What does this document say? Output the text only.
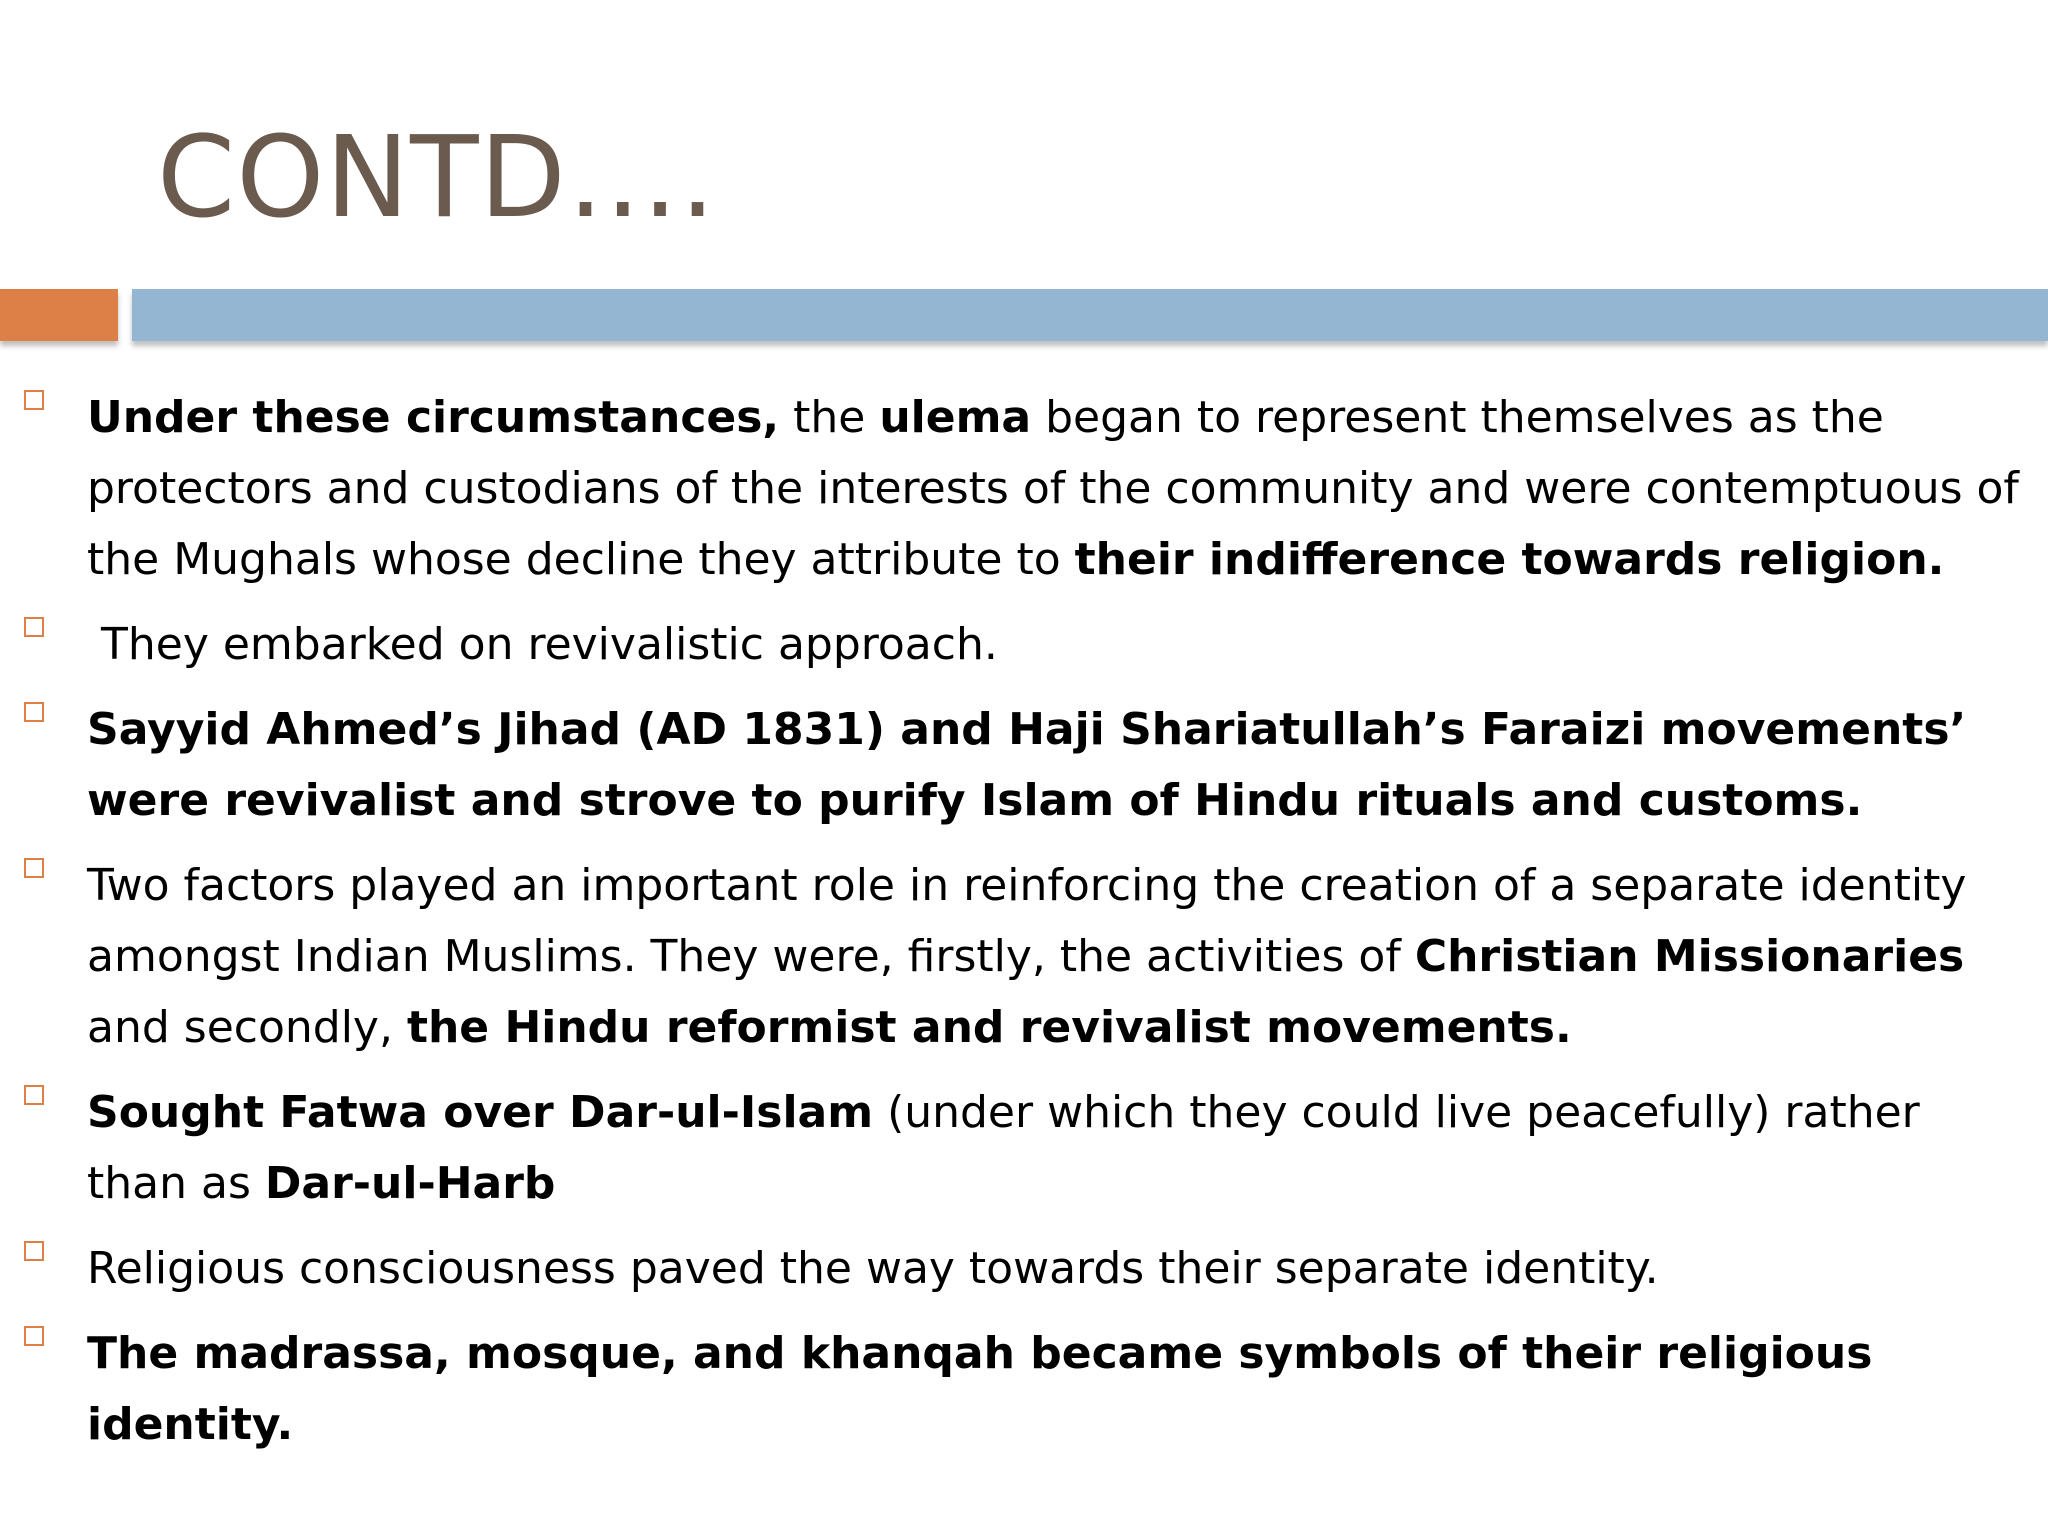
CONTD….
Under these circumstances, the ulema began to represent themselves as the protectors and custodians of the interests of the community and were contemptuous of the Mughals whose decline they attribute to their indifference towards religion.
They embarked on revivalistic approach.
Sayyid Ahmed’s Jihad (AD 1831) and Haji Shariatullah’s Faraizi movements’ were revivalist and strove to purify Islam of Hindu rituals and customs.
Two factors played an important role in reinforcing the creation of a separate identity amongst Indian Muslims. They were, firstly, the activities of Christian Missionaries and secondly, the Hindu reformist and revivalist movements.
Sought Fatwa over Dar-ul-Islam (under which they could live peacefully) rather than as Dar-ul-Harb
Religious consciousness paved the way towards their separate identity.
The madrassa, mosque, and khanqah became symbols of their religious identity.
